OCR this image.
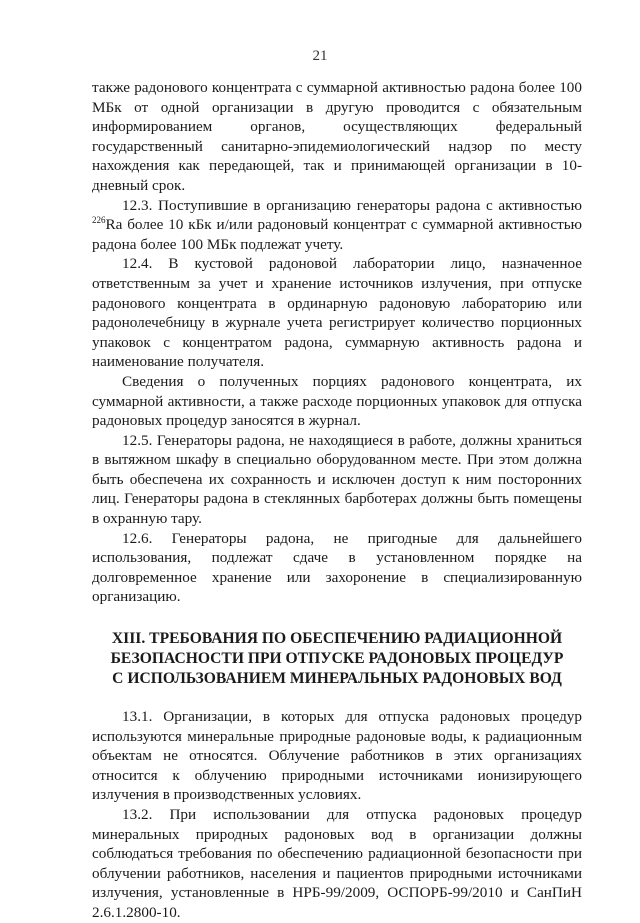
21

также радонового концентрата с суммарной активностью радона более 100 МБк от одной организации в другую проводится с обязательным информированием органов, осуществляющих федеральный государственный санитарно-эпидемиологический надзор по месту нахождения как передающей, так и принимающей организации в 10-дневный срок.

12.3. Поступившие в организацию генераторы радона с активностью $^{226}$Ra более 10 кБк и/или радоновый концентрат с суммарной активностью радона более 100 МБк подлежат учету.

12.4. В кустовой радоновой лаборатории лицо, назначенное ответственным за учет и хранение источников излучения, при отпуске радонового концентрата в ординарную радоновую лабораторию или радонолечебницу в журнале учета регистрирует количество порционных упаковок с концентратом радона, суммарную активность радона и наименование получателя.

Сведения о полученных порциях радонового концентрата, их суммарной активности, а также расходе порционных упаковок для отпуска радоновых процедур заносятся в журнал.

12.5. Генераторы радона, не находящиеся в работе, должны храниться в вытяжном шкафу в специально оборудованном месте. При этом должна быть обеспечена их сохранность и исключен доступ к ним посторонних лиц. Генераторы радона в стеклянных барботерах должны быть помещены в охранную тару.

12.6. Генераторы радона, не пригодные для дальнейшего использования, подлежат сдаче в установленном порядке на долговременное хранение или захоронение в специализированную организацию.

XIII. ТРЕБОВАНИЯ ПО ОБЕСПЕЧЕНИЮ РАДИАЦИОННОЙ
БЕЗОПАСНОСТИ ПРИ ОТПУСКЕ РАДОНОВЫХ ПРОЦЕДУР
С ИСПОЛЬЗОВАНИЕМ МИНЕРАЛЬНЫХ РАДОНОВЫХ ВОД

13.1. Организации, в которых для отпуска радоновых процедур используются минеральные природные радоновые воды, к радиационным объектам не относятся. Облучение работников в этих организациях относится к облучению природными источниками ионизирующего излучения в производственных условиях.

13.2. При использовании для отпуска радоновых процедур минеральных природных радоновых вод в организации должны соблюдаться требования по обеспечению радиационной безопасности при облучении работников, населения и пациентов природными источниками излучения, установленные в НРБ-99/2009, ОСПОРБ-99/2010 и СанПиН 2.6.1.2800-10.
